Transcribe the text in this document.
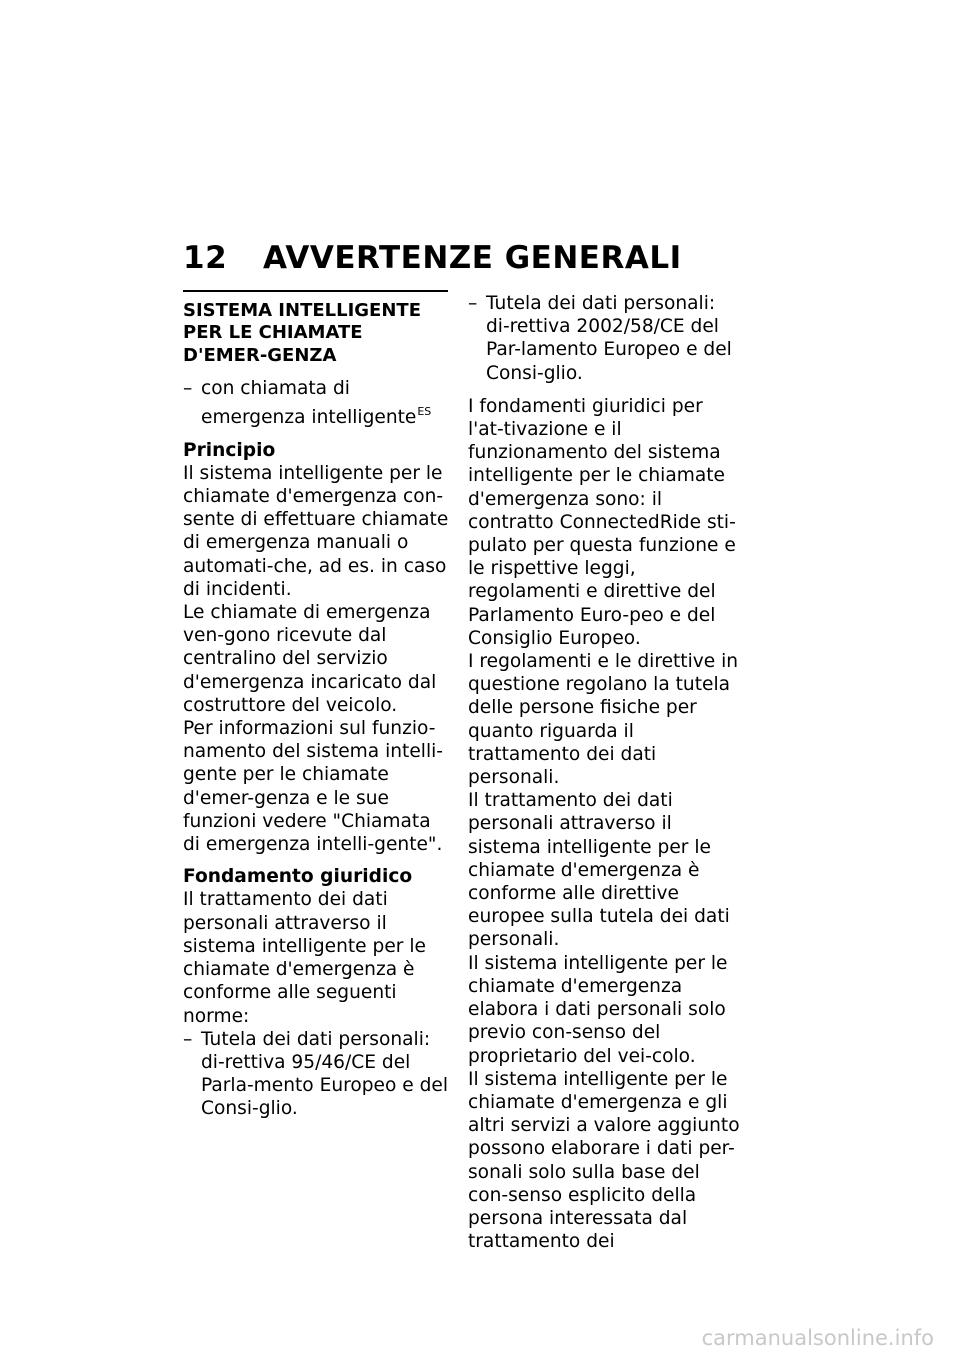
12 AVVERTENZE GENERALI
SISTEMA INTELLIGENTE PER LE CHIAMATE D'EMER-GENZA
– con chiamata di emergenza intelligente$^{ES}$
Principio

Il sistema intelligente per le chiamate d'emergenza con-sente di effettuare chiamate di emergenza manuali o automati-che, ad es. in caso di incidenti.

Le chiamate di emergenza ven-gono ricevute dal centralino del servizio d'emergenza incaricato dal costruttore del veicolo.

Per informazioni sul funzio-namento del sistema intelli-gente per le chiamate d'emer-genza e le sue funzioni vedere "Chiamata di emergenza intelli-gente".

Fondamento giuridico

Il trattamento dei dati personali attraverso il sistema intelligente per le chiamate d'emergenza è conforme alle seguenti norme:

– Tutela dei dati personali: di-rettiva 95/46/CE del Parla-mento Europeo e del Consi-glio.
– Tutela dei dati personali: di-rettiva 2002/58/CE del Par-lamento Europeo e del Consi-glio.

I fondamenti giuridici per l'at-tivazione e il funzionamento del sistema intelligente per le chiamate d'emergenza sono: il contratto ConnectedRide sti-pulato per questa funzione e le rispettive leggi, regolamenti e direttive del Parlamento Euro-peo e del Consiglio Europeo.

I regolamenti e le direttive in questione regolano la tutela delle persone fisiche per quanto riguarda il trattamento dei dati personali.

Il trattamento dei dati personali attraverso il sistema intelligente per le chiamate d'emergenza è conforme alle direttive europee sulla tutela dei dati personali.

Il sistema intelligente per le chiamate d'emergenza elabora i dati personali solo previo con-senso del proprietario del vei-colo.

Il sistema intelligente per le chiamate d'emergenza e gli altri servizi a valore aggiunto possono elaborare i dati per-sonali solo sulla base del con-senso esplicito della persona interessata dal trattamento dei

carmanualsonline.info
